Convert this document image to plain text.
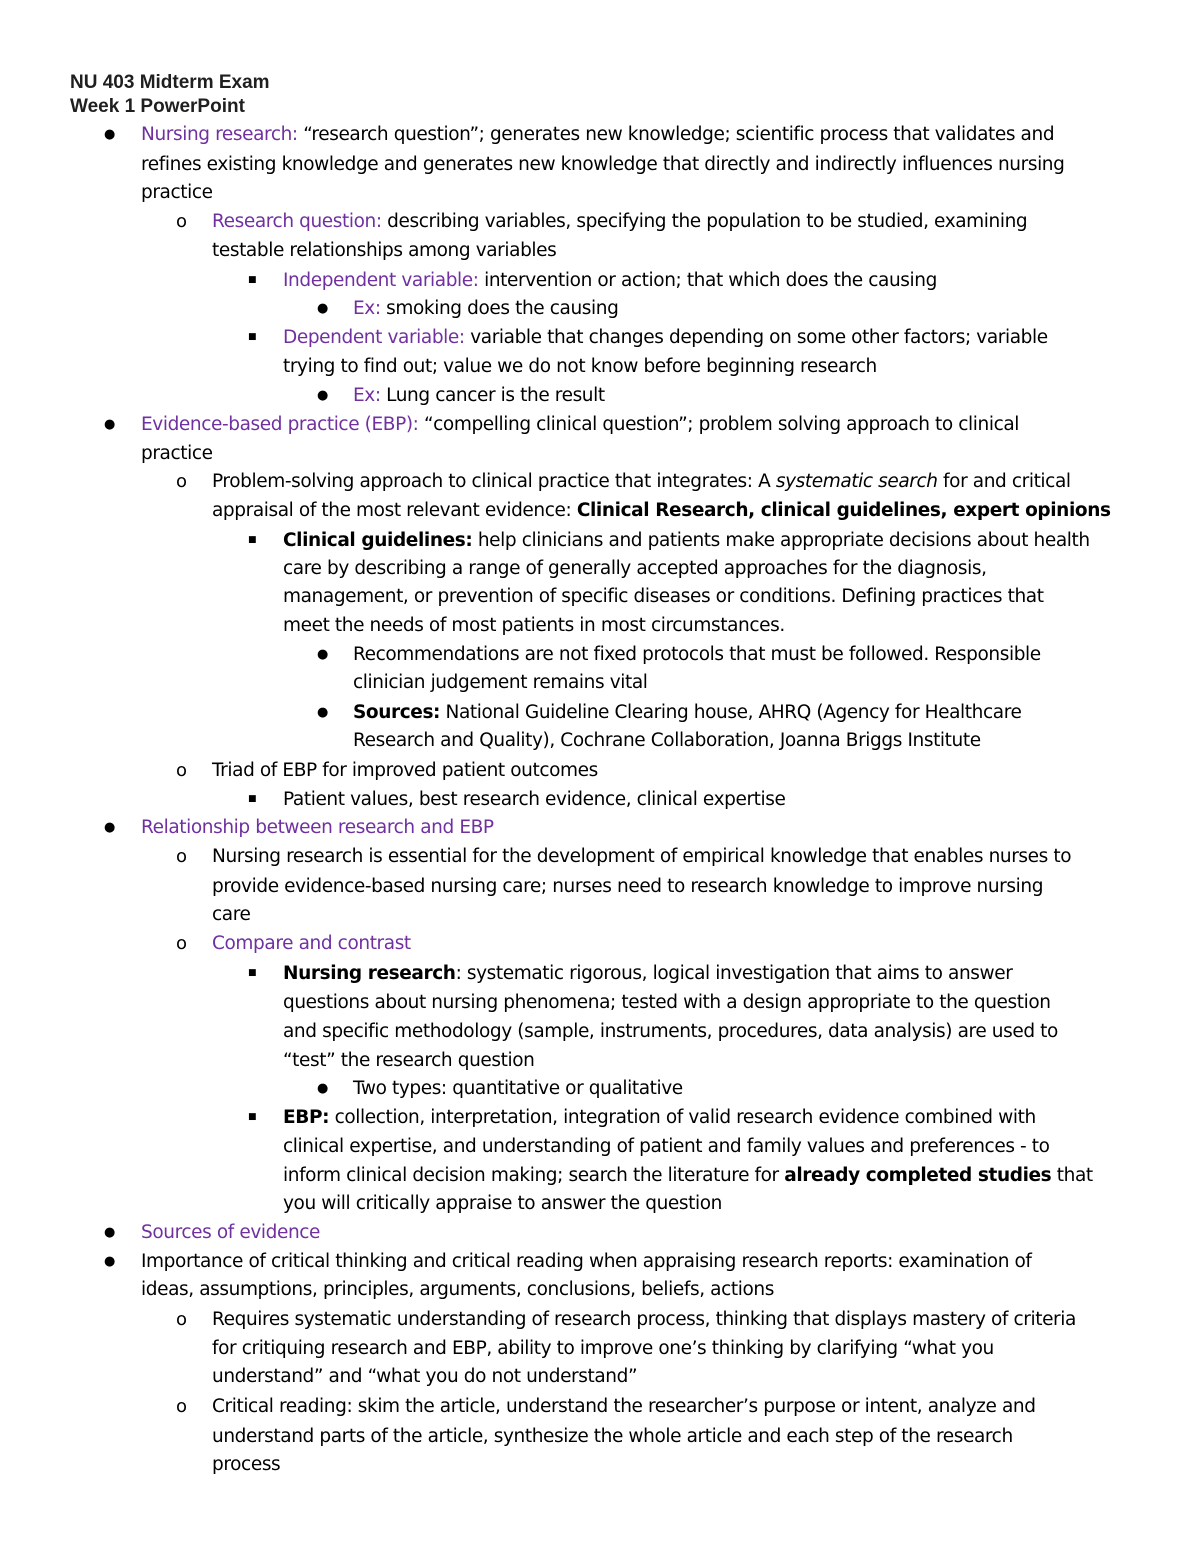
NU 403 Midterm Exam
Week 1 PowerPoint
● Nursing research: “research question”; generates new knowledge; scientific process that validates and
refines existing knowledge and generates new knowledge that directly and indirectly influences nursing
practice
o Research question: describing variables, specifying the population to be studied, examining
testable relationships among variables
■ Independent variable: intervention or action; that which does the causing
● Ex: smoking does the causing
■ Dependent variable: variable that changes depending on some other factors; variable
trying to find out; value we do not know before beginning research
● Ex: Lung cancer is the result
● Evidence-based practice (EBP): “compelling clinical question”; problem solving approach to clinical
practice
o Problem-solving approach to clinical practice that integrates: A systematic search for and critical
appraisal of the most relevant evidence: Clinical Research, clinical guidelines, expert opinions
■ Clinical guidelines: help clinicians and patients make appropriate decisions about health
care by describing a range of generally accepted approaches for the diagnosis,
management, or prevention of specific diseases or conditions. Defining practices that
meet the needs of most patients in most circumstances.
● Recommendations are not fixed protocols that must be followed. Responsible
clinician judgement remains vital
● Sources: National Guideline Clearing house, AHRQ (Agency for Healthcare
Research and Quality), Cochrane Collaboration, Joanna Briggs Institute
o Triad of EBP for improved patient outcomes
■ Patient values, best research evidence, clinical expertise
● Relationship between research and EBP
o Nursing research is essential for the development of empirical knowledge that enables nurses to
provide evidence-based nursing care; nurses need to research knowledge to improve nursing
care
o Compare and contrast
■ Nursing research: systematic rigorous, logical investigation that aims to answer
questions about nursing phenomena; tested with a design appropriate to the question
and specific methodology (sample, instruments, procedures, data analysis) are used to
“test” the research question
● Two types: quantitative or qualitative
■ EBP: collection, interpretation, integration of valid research evidence combined with
clinical expertise, and understanding of patient and family values and preferences - to
inform clinical decision making; search the literature for already completed studies that
you will critically appraise to answer the question
● Sources of evidence
● Importance of critical thinking and critical reading when appraising research reports: examination of
ideas, assumptions, principles, arguments, conclusions, beliefs, actions
o Requires systematic understanding of research process, thinking that displays mastery of criteria
for critiquing research and EBP, ability to improve one’s thinking by clarifying “what you
understand” and “what you do not understand”
o Critical reading: skim the article, understand the researcher’s purpose or intent, analyze and
understand parts of the article, synthesize the whole article and each step of the research
process
